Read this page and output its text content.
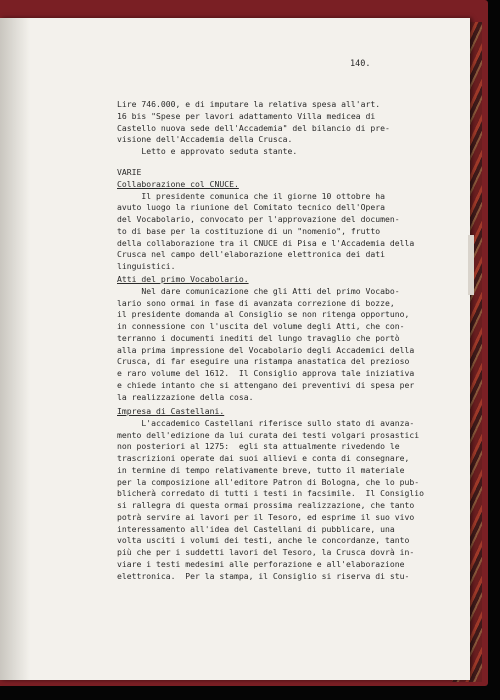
140.
Lire 746.000, e di imputare la relativa spesa all'art.
16 bis "Spese per lavori adattamento Villa medicea di
Castello nuova sede dell'Accademia" del bilancio di pre-
visione dell'Accademia della Crusca.
Letto e approvato seduta stante.
VARIE
Collaborazione col CNUCE.
Il presidente comunica che il giorne 10 ottobre ha
avuto luogo la riunione del Comitato tecnico dell'Opera
del Vocabolario, convocato per l'approvazione del documen-
to di base per la costituzione di un "nomenio", frutto
della collaborazione tra il CNUCE di Pisa e l'Accademia della
Crusca nel campo dell'elaborazione elettronica dei dati
linguistici.
Atti del primo Vocabolario.
Nel dare comunicazione che gli Atti del primo Vocabo-
lario sono ormai in fase di avanzata correzione di bozze,
il presidente domanda al Consiglio se non ritenga opportuno,
in connessione con l'uscita del volume degli Atti, che con-
terranno i documenti inediti del lungo travaglio che portò
alla prima impressione del Vocabolario degli Accademici della
Crusca, di far eseguire una ristampa anastatica del prezioso
e raro volume del 1612.  Il Consiglio approva tale iniziativa
e chiede intanto che si attengano dei preventivi di spesa per
la realizzazione della cosa.
Impresa di Castellani.
L'accademico Castellani riferisce sullo stato di avanza-
mento dell'edizione da lui curata dei testi volgari prosastici
non posteriori al 1275:  egli sta attualmente rivedendo le
trascrizioni operate dai suoi allievi e conta di consegnare,
in termine di tempo relativamente breve, tutto il materiale
per la composizione all'editore Patron di Bologna, che lo pub-
blicherà corredato di tutti i testi in facsimile.  Il Consiglio
si rallegra di questa ormai prossima realizzazione, che tanto
potrà servire ai lavori per il Tesoro, ed esprime il suo vivo
interessamento all'idea del Castellani di pubblicare, una
volta usciti i volumi dei testi, anche le concordanze, tanto
più che per i suddetti lavori del Tesoro, la Crusca dovrà in-
viare i testi medesimi alle perforazione e all'elaborazione
elettronica.  Per la stampa, il Consiglio si riserva di stu-
